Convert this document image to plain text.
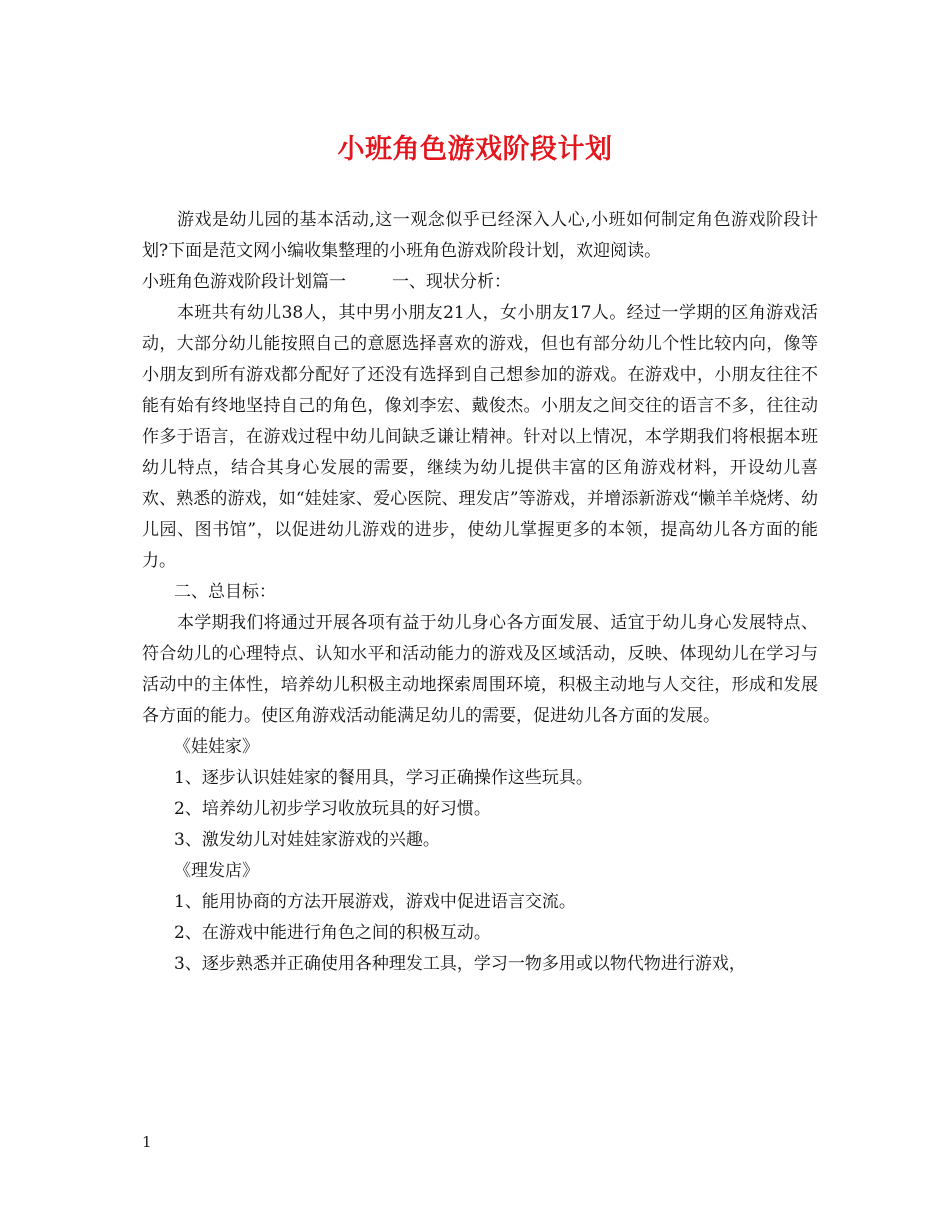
小班角色游戏阶段计划

游戏是幼儿园的基本活动,这一观念似乎已经深入人心,小班如何制定角色游戏阶段计划?下面是范文网小编收集整理的小班角色游戏阶段计划，欢迎阅读。

小班角色游戏阶段计划篇一	一、现状分析：

本班共有幼儿38人，其中男小朋友21人，女小朋友17人。经过一学期的区角游戏活动，大部分幼儿能按照自己的意愿选择喜欢的游戏，但也有部分幼儿个性比较内向，像等小朋友到所有游戏都分配好了还没有选择到自己想参加的游戏。在游戏中，小朋友往往不能有始有终地坚持自己的角色，像刘李宏、戴俊杰。小朋友之间交往的语言不多，往往动作多于语言，在游戏过程中幼儿间缺乏谦让精神。针对以上情况，本学期我们将根据本班幼儿特点，结合其身心发展的需要，继续为幼儿提供丰富的区角游戏材料，开设幼儿喜欢、熟悉的游戏，如“娃娃家、爱心医院、理发店”等游戏，并增添新游戏“懒羊羊烧烤、幼儿园、图书馆”，以促进幼儿游戏的进步，使幼儿掌握更多的本领，提高幼儿各方面的能力。

二、总目标：

本学期我们将通过开展各项有益于幼儿身心各方面发展、适宜于幼儿身心发展特点、符合幼儿的心理特点、认知水平和活动能力的游戏及区域活动，反映、体现幼儿在学习与活动中的主体性，培养幼儿积极主动地探索周围环境，积极主动地与人交往，形成和发展各方面的能力。使区角游戏活动能满足幼儿的需要，促进幼儿各方面的发展。

《娃娃家》

1、逐步认识娃娃家的餐用具，学习正确操作这些玩具。

2、培养幼儿初步学习收放玩具的好习惯。

3、激发幼儿对娃娃家游戏的兴趣。

《理发店》

1、能用协商的方法开展游戏，游戏中促进语言交流。

2、在游戏中能进行角色之间的积极互动。

3、逐步熟悉并正确使用各种理发工具，学习一物多用或以物代物进行游戏，

1
